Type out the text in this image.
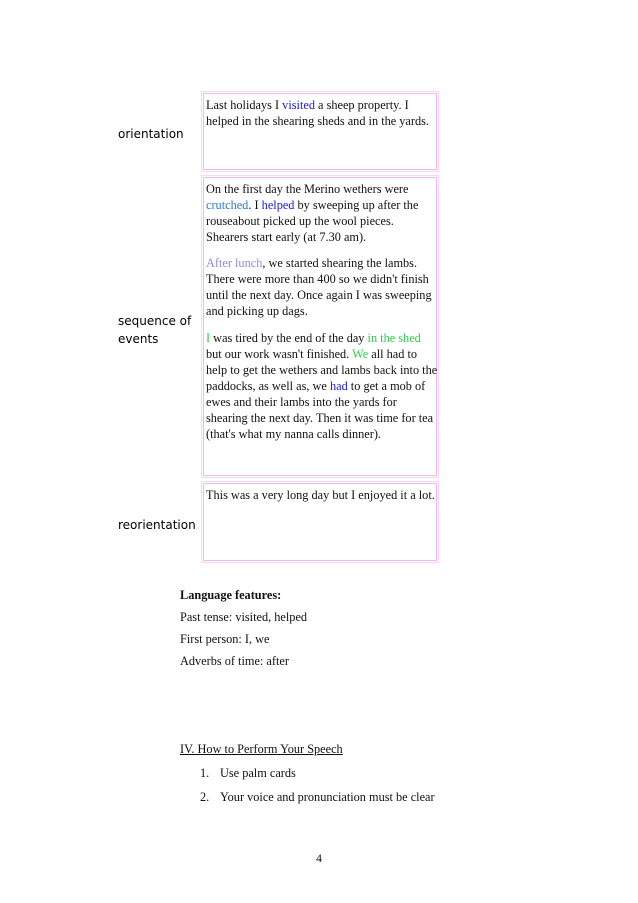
orientation
sequence of events
reorientation
Last holidays I visited a sheep property. I helped in the shearing sheds and in the yards.
On the first day the Merino wethers were crutched. I helped by sweeping up after the rouseabout picked up the wool pieces. Shearers start early (at 7.30 am).
After lunch, we started shearing the lambs. There were more than 400 so we didn't finish until the next day. Once again I was sweeping and picking up dags.
I was tired by the end of the day in the shed but our work wasn't finished. We all had to help to get the wethers and lambs back into the paddocks, as well as, we had to get a mob of ewes and their lambs into the yards for shearing the next day. Then it was time for tea (that's what my nanna calls dinner).
This was a very long day but I enjoyed it a lot.
Language features:
Past tense: visited, helped
First person: I, we
Adverbs of time: after
IV. How to Perform Your Speech
1. Use palm cards
2. Your voice and pronunciation must be clear
4
